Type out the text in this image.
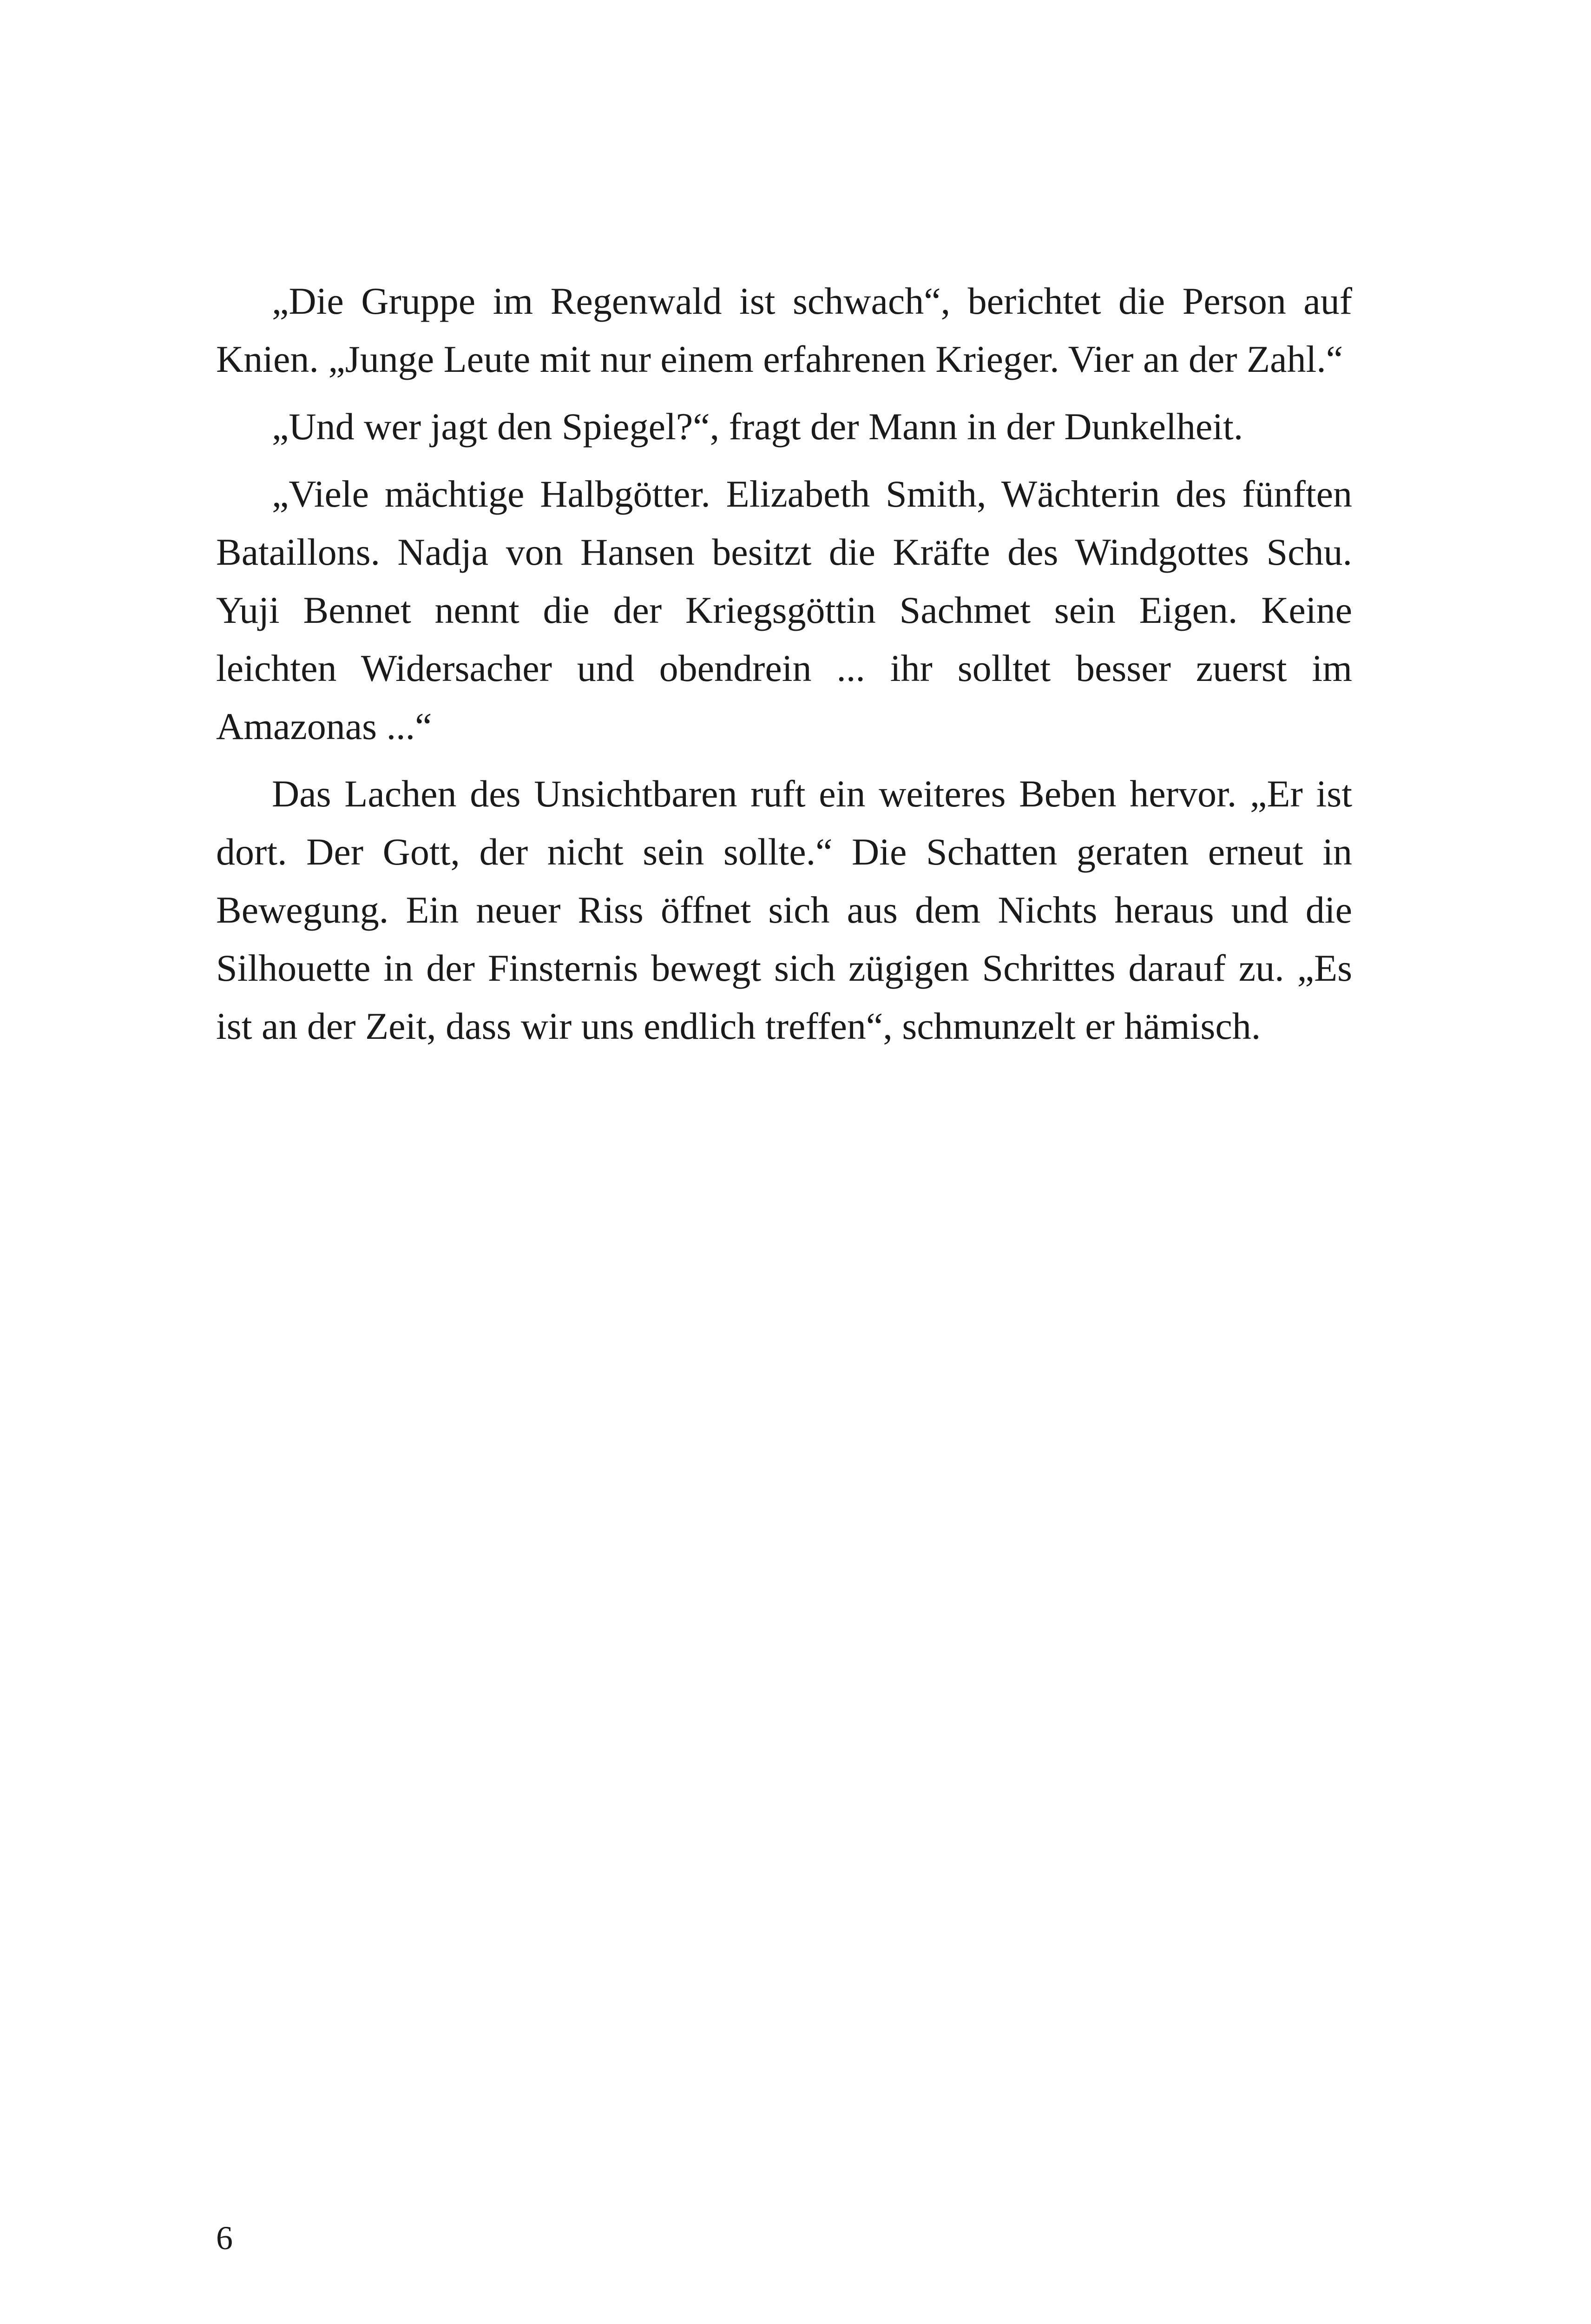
„Die Gruppe im Regenwald ist schwach“, berichtet die Person auf Knien. „Junge Leute mit nur einem erfahrenen Krieger. Vier an der Zahl.“

„Und wer jagt den Spiegel?“, fragt der Mann in der Dunkelheit.

„Viele mächtige Halbgötter. Elizabeth Smith, Wächterin des fünften Bataillons. Nadja von Hansen besitzt die Kräfte des Windgottes Schu. Yuji Bennet nennt die der Kriegsgöttin Sachmet sein Eigen. Keine leichten Widersacher und obendrein ... ihr solltet besser zuerst im Amazonas ...“

Das Lachen des Unsichtbaren ruft ein weiteres Beben hervor. „Er ist dort. Der Gott, der nicht sein sollte.“ Die Schatten geraten erneut in Bewegung. Ein neuer Riss öffnet sich aus dem Nichts heraus und die Silhouette in der Finsternis bewegt sich zügigen Schrittes darauf zu. „Es ist an der Zeit, dass wir uns endlich treffen“, schmunzelt er hämisch.

6
